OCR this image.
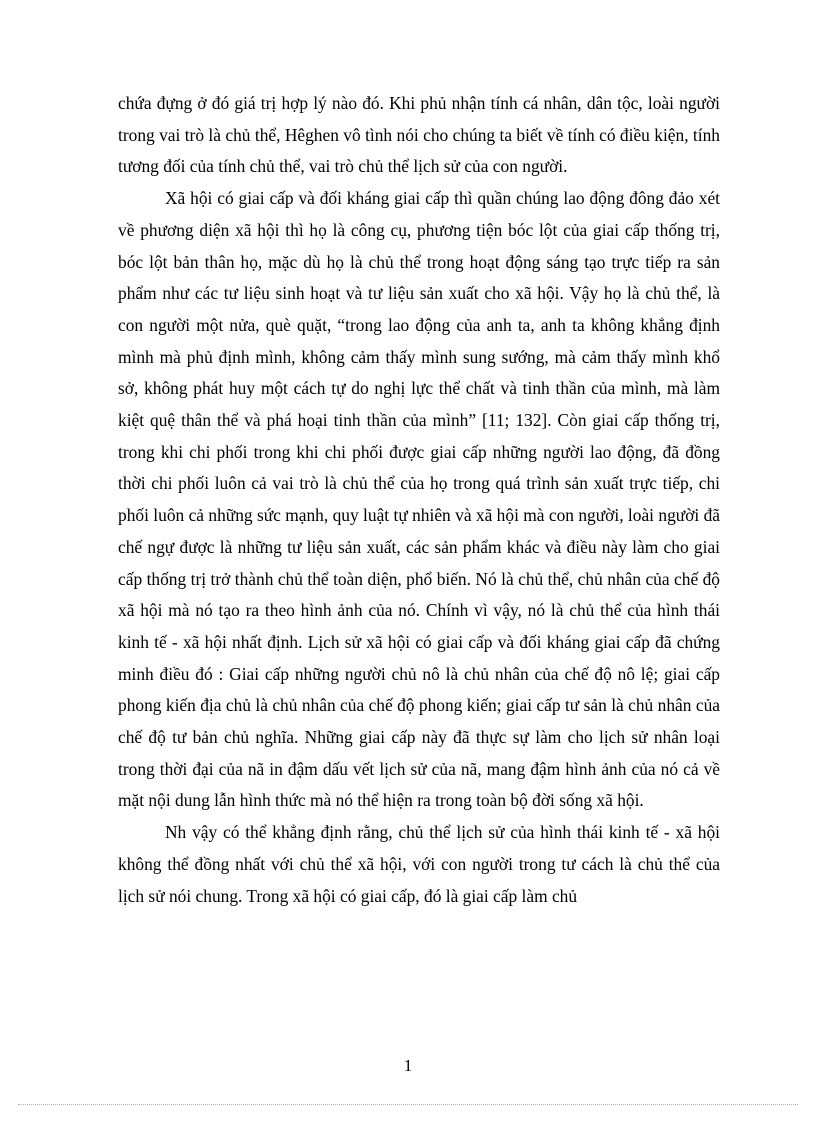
chứa đựng ở đó giá trị hợp lý nào đó. Khi phủ nhận tính cá nhân, dân tộc, loài người trong vai trò là chủ thể, Hêghen vô tình nói cho chúng ta biết về tính có điều kiện, tính tương đối của tính chủ thể, vai trò chủ thể lịch sử của con người.

Xã hội có giai cấp và đối kháng giai cấp thì quần chúng lao động đông đảo xét về phương diện xã hội thì họ là công cụ, phương tiện bóc lột của giai cấp thống trị, bóc lột bản thân họ, mặc dù họ là chủ thể trong hoạt động sáng tạo trực tiếp ra sản phẩm như các tư liệu sinh hoạt và tư liệu sản xuất cho xã hội. Vậy họ là chủ thể, là con người một nửa, què quặt, “trong lao động của anh ta, anh ta không khẳng định mình mà phủ định mình, không cảm thấy mình sung sướng, mà cảm thấy mình khổ sở, không phát huy một cách tự do nghị lực thể chất và tinh thần của mình, mà làm kiệt quệ thân thể và phá hoại tinh thần của mình” [11; 132]. Còn giai cấp thống trị, trong khi chi phối trong khi chi phối được giai cấp những người lao động, đã đồng thời chi phối luôn cả vai trò là chủ thể của họ trong quá trình sản xuất trực tiếp, chi phối luôn cả những sức mạnh, quy luật tự nhiên và xã hội mà con người, loài người đã chế ngự được là những tư liệu sản xuất, các sản phẩm khác và điều này làm cho giai cấp thống trị trở thành chủ thể toàn diện, phổ biến. Nó là chủ thể, chủ nhân của chế độ xã hội mà nó tạo ra theo hình ảnh của nó. Chính vì vậy, nó là chủ thể của hình thái kinh tế - xã hội nhất định. Lịch sử xã hội có giai cấp và đối kháng giai cấp đã chứng minh điều đó : Giai cấp những người chủ nô là chủ nhân của chế độ nô lệ; giai cấp phong kiến địa chủ là chủ nhân của chế độ phong kiến; giai cấp tư sản là chủ nhân của chế độ tư bản chủ nghĩa. Những giai cấp này đã thực sự làm cho lịch sử nhân loại trong thời đại của nã in đậm dấu vết lịch sử của nã, mang đậm hình ảnh của nó cả về mặt nội dung lẫn hình thức mà nó thể hiện ra trong toàn bộ đời sống xã hội.

Nh vậy có thể khẳng định rằng, chủ thể lịch sử của hình thái kinh tế - xã hội không thể đồng nhất với chủ thể xã hội, với con người trong tư cách là chủ thể của lịch sử nói chung. Trong xã hội có giai cấp, đó là giai cấp làm chủ

1
